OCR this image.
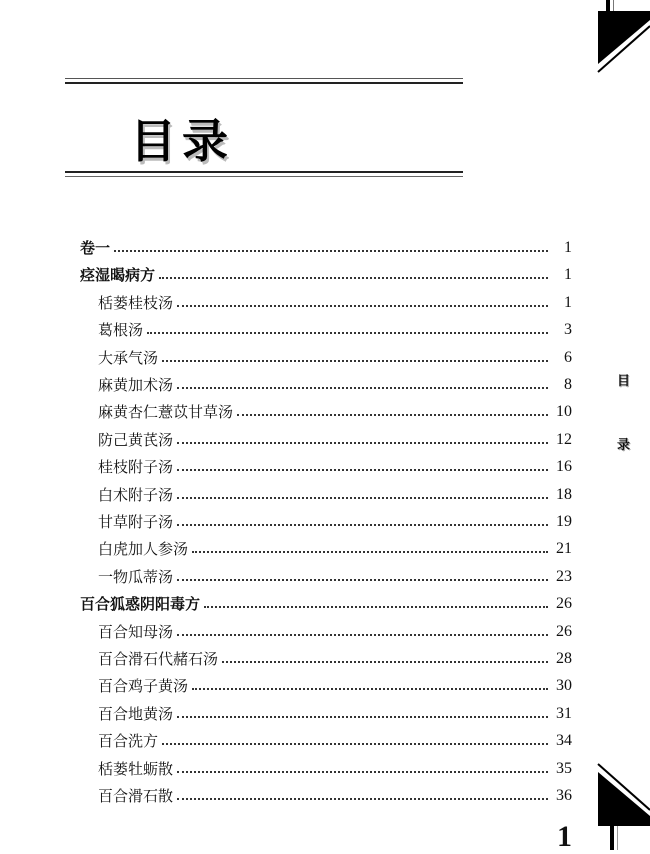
目录
卷一	1
痉湿暍病方	1
栝蒌桂枝汤	1
葛根汤	3
大承气汤	6
麻黄加术汤	8
麻黄杏仁薏苡甘草汤	10
防己黄芪汤	12
桂枝附子汤	16
白术附子汤	18
甘草附子汤	19
白虎加人参汤	21
一物瓜蒂汤	23
百合狐惑阴阳毒方	26
百合知母汤	26
百合滑石代赭石汤	28
百合鸡子黄汤	30
百合地黄汤	31
百合洗方	34
栝蒌牡蛎散	35
百合滑石散	36
目
录
1
